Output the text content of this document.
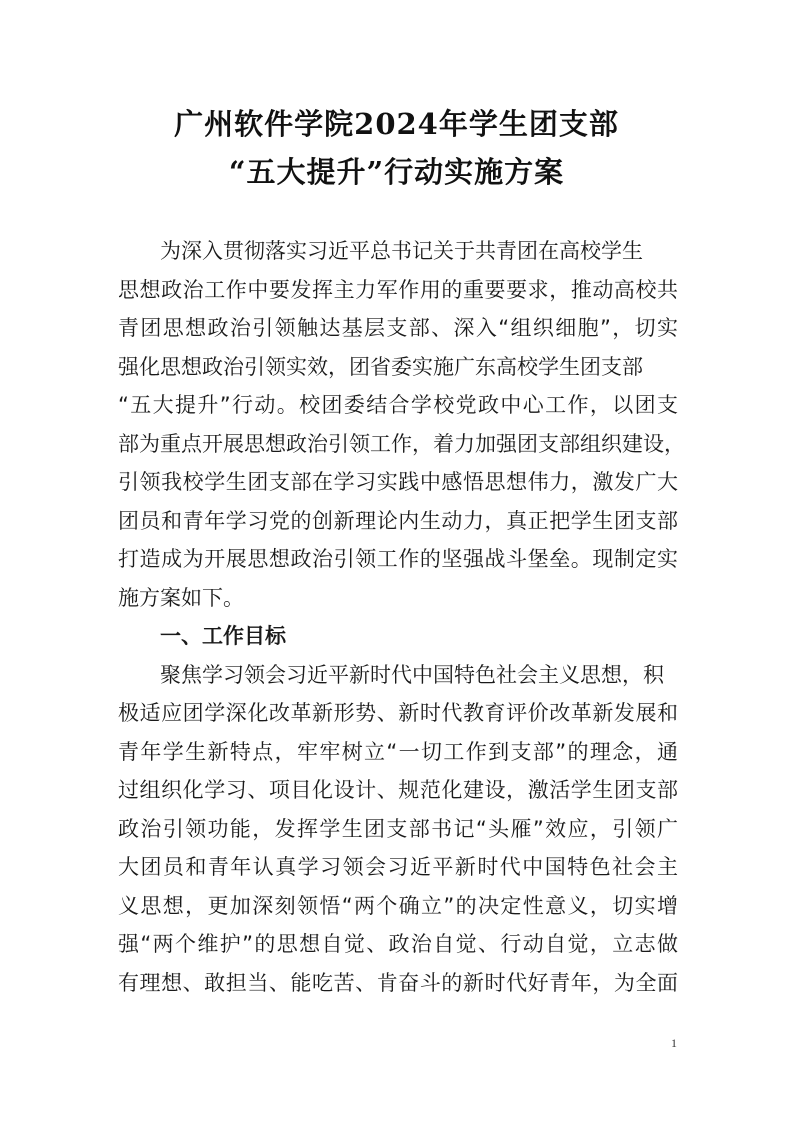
广州软件学院2024年学生团支部
“五大提升”行动实施方案
为深入贯彻落实习近平总书记关于共青团在高校学生
思想政治工作中要发挥主力军作用的重要要求，推动高校共
青团思想政治引领触达基层支部、深入“组织细胞”，切实
强化思想政治引领实效，团省委实施广东高校学生团支部
“五大提升”行动。校团委结合学校党政中心工作，以团支
部为重点开展思想政治引领工作，着力加强团支部组织建设，
引领我校学生团支部在学习实践中感悟思想伟力，激发广大
团员和青年学习党的创新理论内生动力，真正把学生团支部
打造成为开展思想政治引领工作的坚强战斗堡垒。现制定实
施方案如下。
一、工作目标
聚焦学习领会习近平新时代中国特色社会主义思想，积
极适应团学深化改革新形势、新时代教育评价改革新发展和
青年学生新特点，牢牢树立“一切工作到支部”的理念，通
过组织化学习、项目化设计、规范化建设，激活学生团支部
政治引领功能，发挥学生团支部书记“头雁”效应，引领广
大团员和青年认真学习领会习近平新时代中国特色社会主
义思想，更加深刻领悟“两个确立”的决定性意义，切实增
强“两个维护”的思想自觉、政治自觉、行动自觉，立志做
有理想、敢担当、能吃苦、肯奋斗的新时代好青年，为全面
1
